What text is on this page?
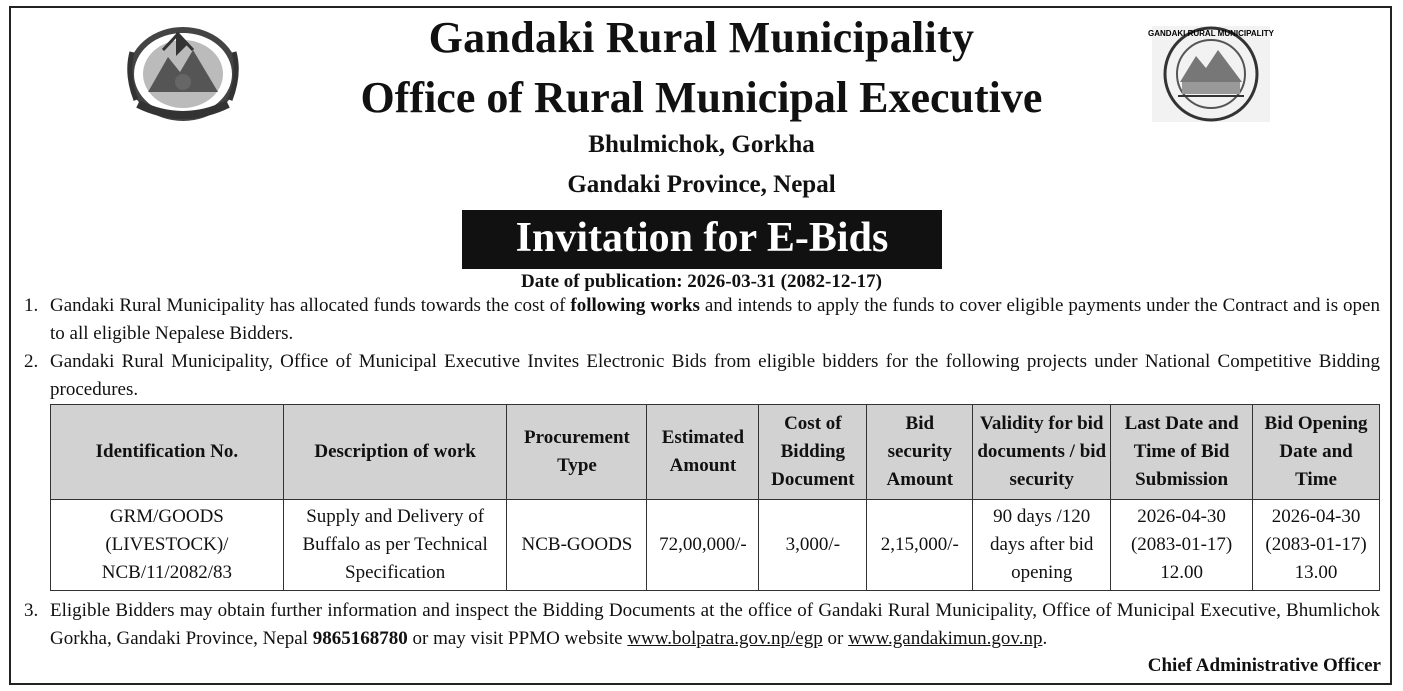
GANDAKI RURAL MUNICIPALITY
Gandaki Rural Municipality
Office of Rural Municipal Executive
Bhulmichok, Gorkha
Gandaki Province, Nepal
Invitation for E-Bids
Date of publication: 2026-03-31 (2082-12-17)
1. Gandaki Rural Municipality has allocated funds towards the cost of following works and intends to apply the funds to cover eligible payments under the Contract and is open to all eligible Nepalese Bidders.
2. Gandaki Rural Municipality, Office of Municipal Executive Invites Electronic Bids from eligible bidders for the following projects under National Competitive Bidding procedures.
Identification No.	Description of work	Procurement Type	Estimated Amount	Cost of Bidding Document	Bid security Amount	Validity for bid documents / bid security	Last Date and Time of Bid Submission	Bid Opening Date and Time
GRM/GOODS (LIVESTOCK)/ NCB/11/2082/83	Supply and Delivery of Buffalo as per Technical Specification	NCB-GOODS	72,00,000/-	3,000/-	2,15,000/-	90 days /120 days after bid opening	2026-04-30 (2083-01-17) 12.00	2026-04-30 (2083-01-17) 13.00
3. Eligible Bidders may obtain further information and inspect the Bidding Documents at the office of Gandaki Rural Municipality, Office of Municipal Executive, Bhumlichok Gorkha, Gandaki Province, Nepal 9865168780 or may visit PPMO website www.bolpatra.gov.np/egp or www.gandakimun.gov.np.
Chief Administrative Officer
